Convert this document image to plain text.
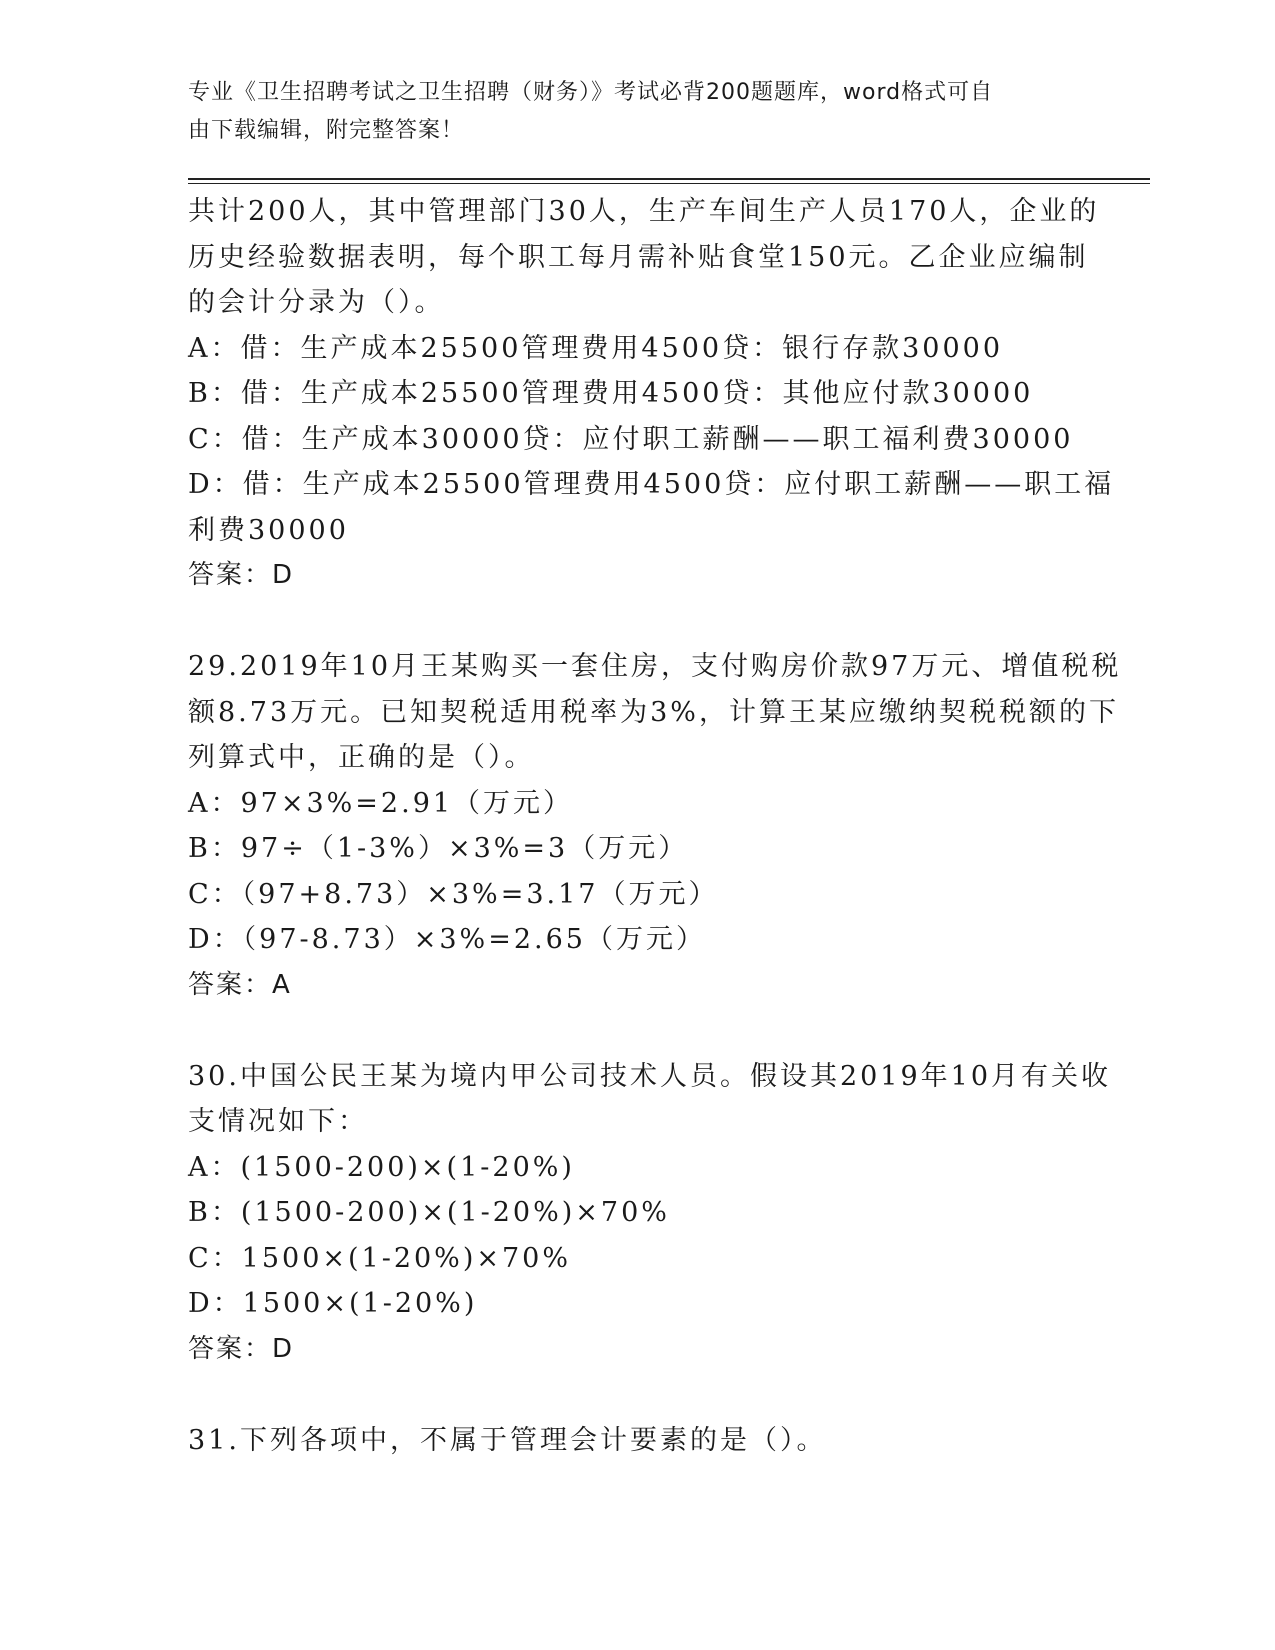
专业《卫生招聘考试之卫生招聘（财务）》考试必背200题题库，word格式可自
由下载编辑，附完整答案！
共计200人，其中管理部门30人，生产车间生产人员170人，企业的
历史经验数据表明，每个职工每月需补贴食堂150元。乙企业应编制
的会计分录为（）。
A：借：生产成本25500管理费用4500贷：银行存款30000
B：借：生产成本25500管理费用4500贷：其他应付款30000
C：借：生产成本30000贷：应付职工薪酬——职工福利费30000
D：借：生产成本25500管理费用4500贷：应付职工薪酬——职工福
利费30000
答案：D
29.2019年10月王某购买一套住房，支付购房价款97万元、增值税税
额8.73万元。已知契税适用税率为3%，计算王某应缴纳契税税额的下
列算式中，正确的是（）。
A：97×3%=2.91（万元）
B：97÷（1-3%）×3%=3（万元）
C：（97+8.73）×3%=3.17（万元）
D：（97-8.73）×3%=2.65（万元）
答案：A
30.中国公民王某为境内甲公司技术人员。假设其2019年10月有关收
支情况如下：
A：(1500-200)×(1-20%)
B：(1500-200)×(1-20%)×70%
C：1500×(1-20%)×70%
D：1500×(1-20%)
答案：D
31.下列各项中，不属于管理会计要素的是（）。
